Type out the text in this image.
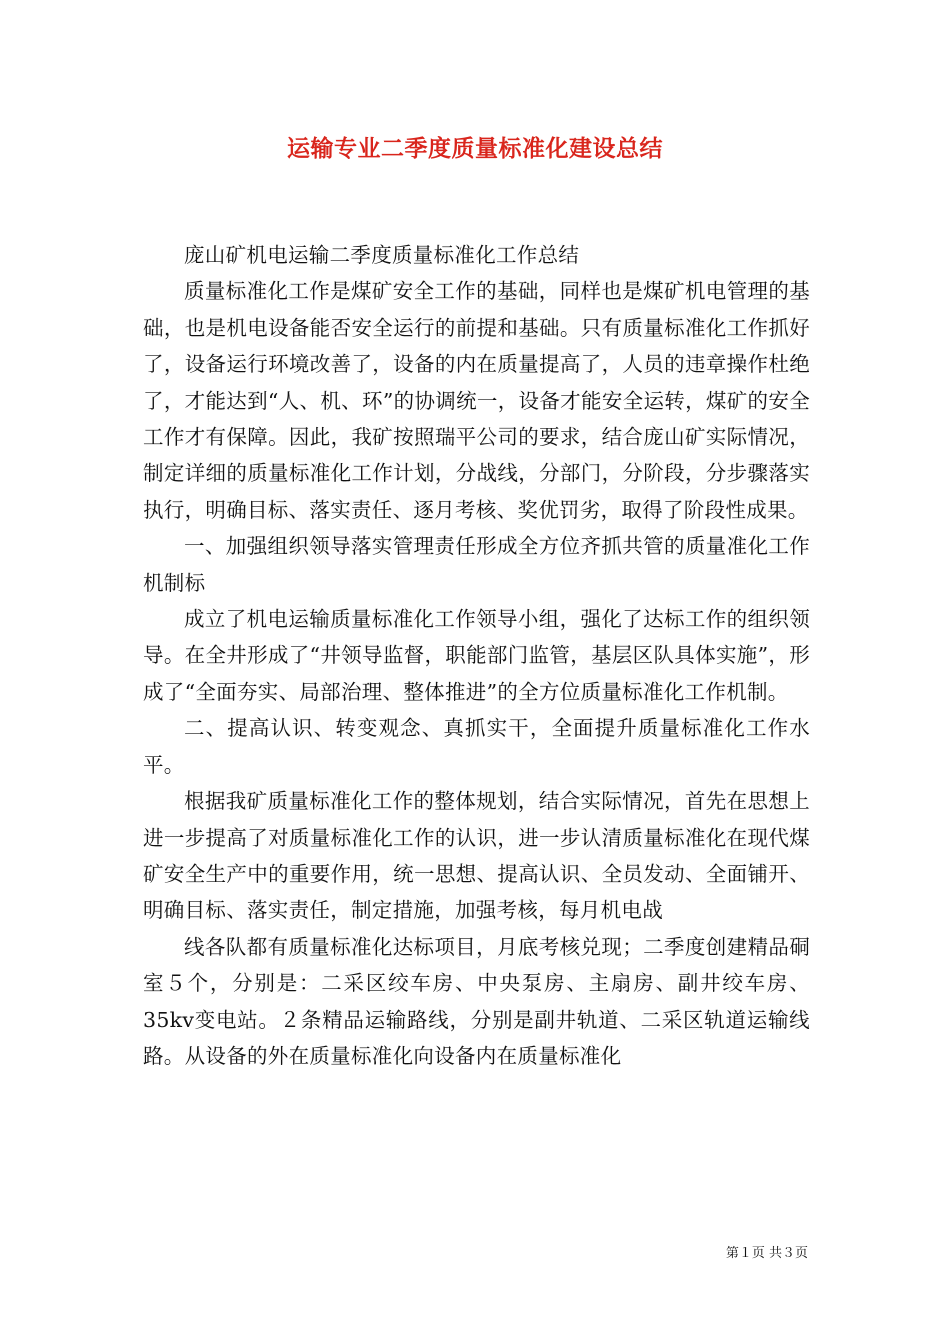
运输专业二季度质量标准化建设总结

庞山矿机电运输二季度质量标准化工作总结

质量标准化工作是煤矿安全工作的基础，同样也是煤矿机电管理的基础，也是机电设备能否安全运行的前提和基础。只有质量标准化工作抓好了，设备运行环境改善了，设备的内在质量提高了，人员的违章操作杜绝了，才能达到“人、机、环”的协调统一，设备才能安全运转，煤矿的安全工作才有保障。因此，我矿按照瑞平公司的要求，结合庞山矿实际情况，制定详细的质量标准化工作计划，分战线，分部门，分阶段，分步骤落实执行，明确目标、落实责任、逐月考核、奖优罚劣，取得了阶段性成果。

一、加强组织领导落实管理责任形成全方位齐抓共管的质量准化工作机制标

成立了机电运输质量标准化工作领导小组，强化了达标工作的组织领导。在全井形成了“井领导监督，职能部门监管，基层区队具体实施”，形成了“全面夯实、局部治理、整体推进”的全方位质量标准化工作机制。

二、提高认识、转变观念、真抓实干，全面提升质量标准化工作水平。

根据我矿质量标准化工作的整体规划，结合实际情况，首先在思想上进一步提高了对质量标准化工作的认识，进一步认清质量标准化在现代煤矿安全生产中的重要作用，统一思想、提高认识、全员发动、全面铺开、明确目标、落实责任，制定措施，加强考核，每月机电战

线各队都有质量标准化达标项目，月底考核兑现；二季度创建精品硐室５个，分别是：二采区绞车房、中央泵房、主扇房、副井绞车房、35kv变电站。２条精品运输路线，分别是副井轨道、二采区轨道运输线路。从设备的外在质量标准化向设备内在质量标准化

第１页 共３页
